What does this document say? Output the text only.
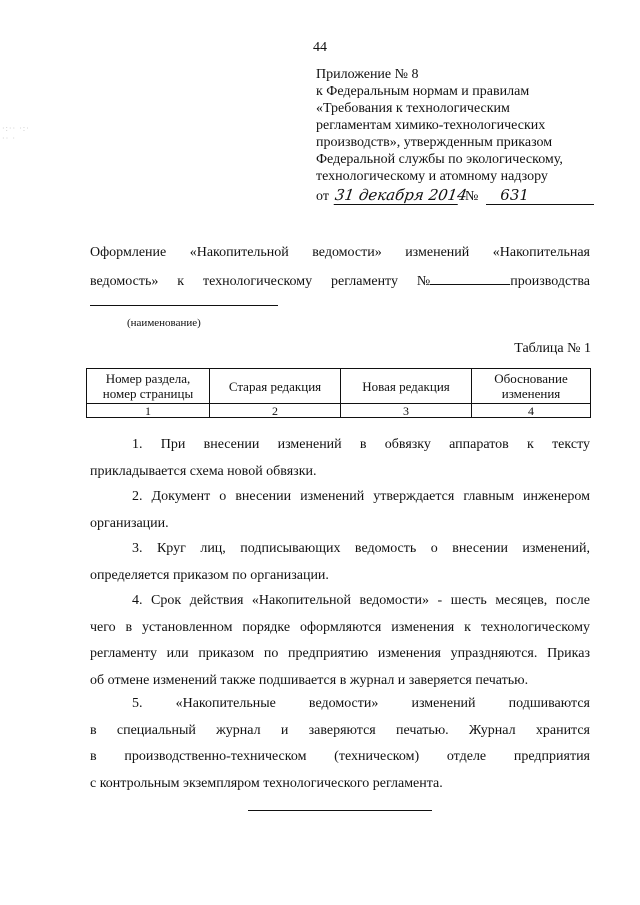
·:·· ·:·
·· ·
44
Приложение № 8
к Федеральным нормам и правилам
«Требования к технологическим
регламентам химико-технологических
производств», утвержденным приказом
Федеральной службы по экологическому,
технологическому и атомному надзору
от 31 декабря 2014
№	631
Оформление «Накопительной ведомости» изменений «Накопительная
ведомость» к технологическому регламенту №	производства
(наименование)
Таблица № 1
Номер раздела, номер страницы	Старая редакция	Новая редакция	Обоснование изменения
1	2	3	4
1. При внесении изменений в обвязку аппаратов к тексту
прикладывается схема новой обвязки.
2. Документ о внесении изменений утверждается главным инженером
организации.
3. Круг лиц, подписывающих ведомость о внесении изменений,
определяется приказом по организации.
4. Срок действия «Накопительной ведомости» - шесть месяцев, после
чего в установленном порядке оформляются изменения к технологическому
регламенту или приказом по предприятию изменения упраздняются. Приказ
об отмене изменений также подшивается в журнал и заверяется печатью.
5. «Накопительные ведомости» изменений подшиваются
в специальный журнал и заверяются печатью. Журнал хранится
в производственно-техническом (техническом) отделе предприятия
с контрольным экземпляром технологического регламента.
